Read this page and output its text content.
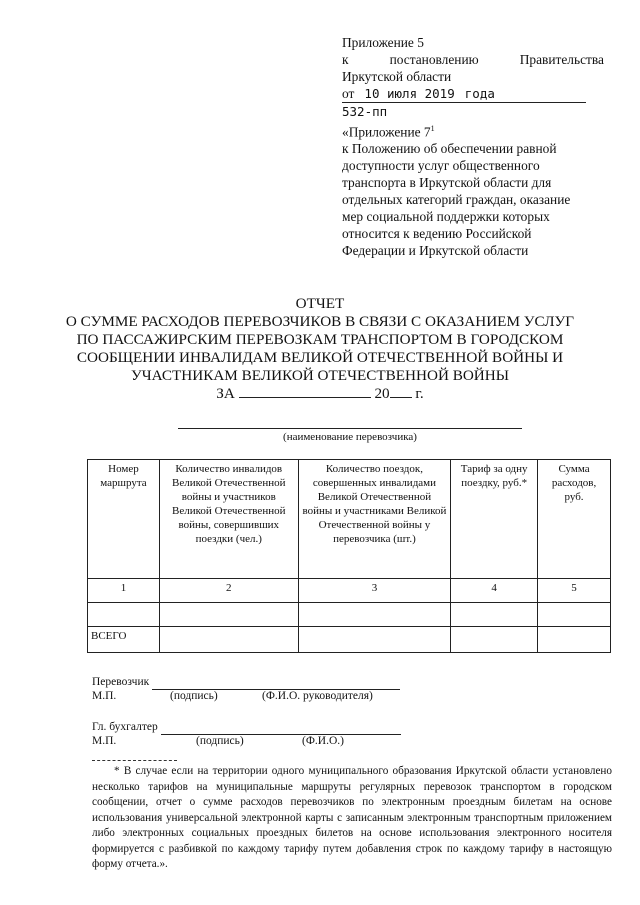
Приложение 5
к	постановлению	Правительства
Иркутской области
от 10 июля 2019 года
532-пп
«Приложение $7^1$
к Положению об обеспечении равной
доступности услуг общественного
транспорта в Иркутской области для
отдельных категорий граждан, оказание
мер социальной поддержки которых
относится к ведению Российской
Федерации и Иркутской области
ОТЧЕТ
О СУММЕ РАСХОДОВ ПЕРЕВОЗЧИКОВ В СВЯЗИ С ОКАЗАНИЕМ УСЛУГ
ПО ПАССАЖИРСКИМ ПЕРЕВОЗКАМ ТРАНСПОРТОМ В ГОРОДСКОМ
СООБЩЕНИИ ИНВАЛИДАМ ВЕЛИКОЙ ОТЕЧЕСТВЕННОЙ ВОЙНЫ И
УЧАСТНИКАМ ВЕЛИКОЙ ОТЕЧЕСТВЕННОЙ ВОЙНЫ
ЗА	20 г.
(наименование перевозчика)
Номер маршрута	Количество инвалидов Великой Отечественной войны и участников Великой Отечественной войны, совершивших поездки (чел.)	Количество поездок, совершенных инвалидами Великой Отечественной войны и участниками Великой Отечественной войны у перевозчика (шт.)	Тариф за одну поездку, руб.*	Сумма расходов, руб.
1	2	3	4	5

ВСЕГО				
Перевозчик
М.П.	(подпись)	(Ф.И.О. руководителя)
Гл. бухгалтер
М.П.	(подпись)	(Ф.И.О.)
* В случае если на территории одного муниципального образования Иркутской области установлено несколько тарифов на муниципальные маршруты регулярных перевозок транспортом в городском сообщении, отчет о сумме расходов перевозчиков по электронным проездным билетам на основе использования универсальной электронной карты с записанным электронным транспортным приложением либо электронных социальных проездных билетов на основе использования электронного носителя формируется с разбивкой по каждому тарифу путем добавления строк по каждому тарифу в настоящую форму отчета.».
